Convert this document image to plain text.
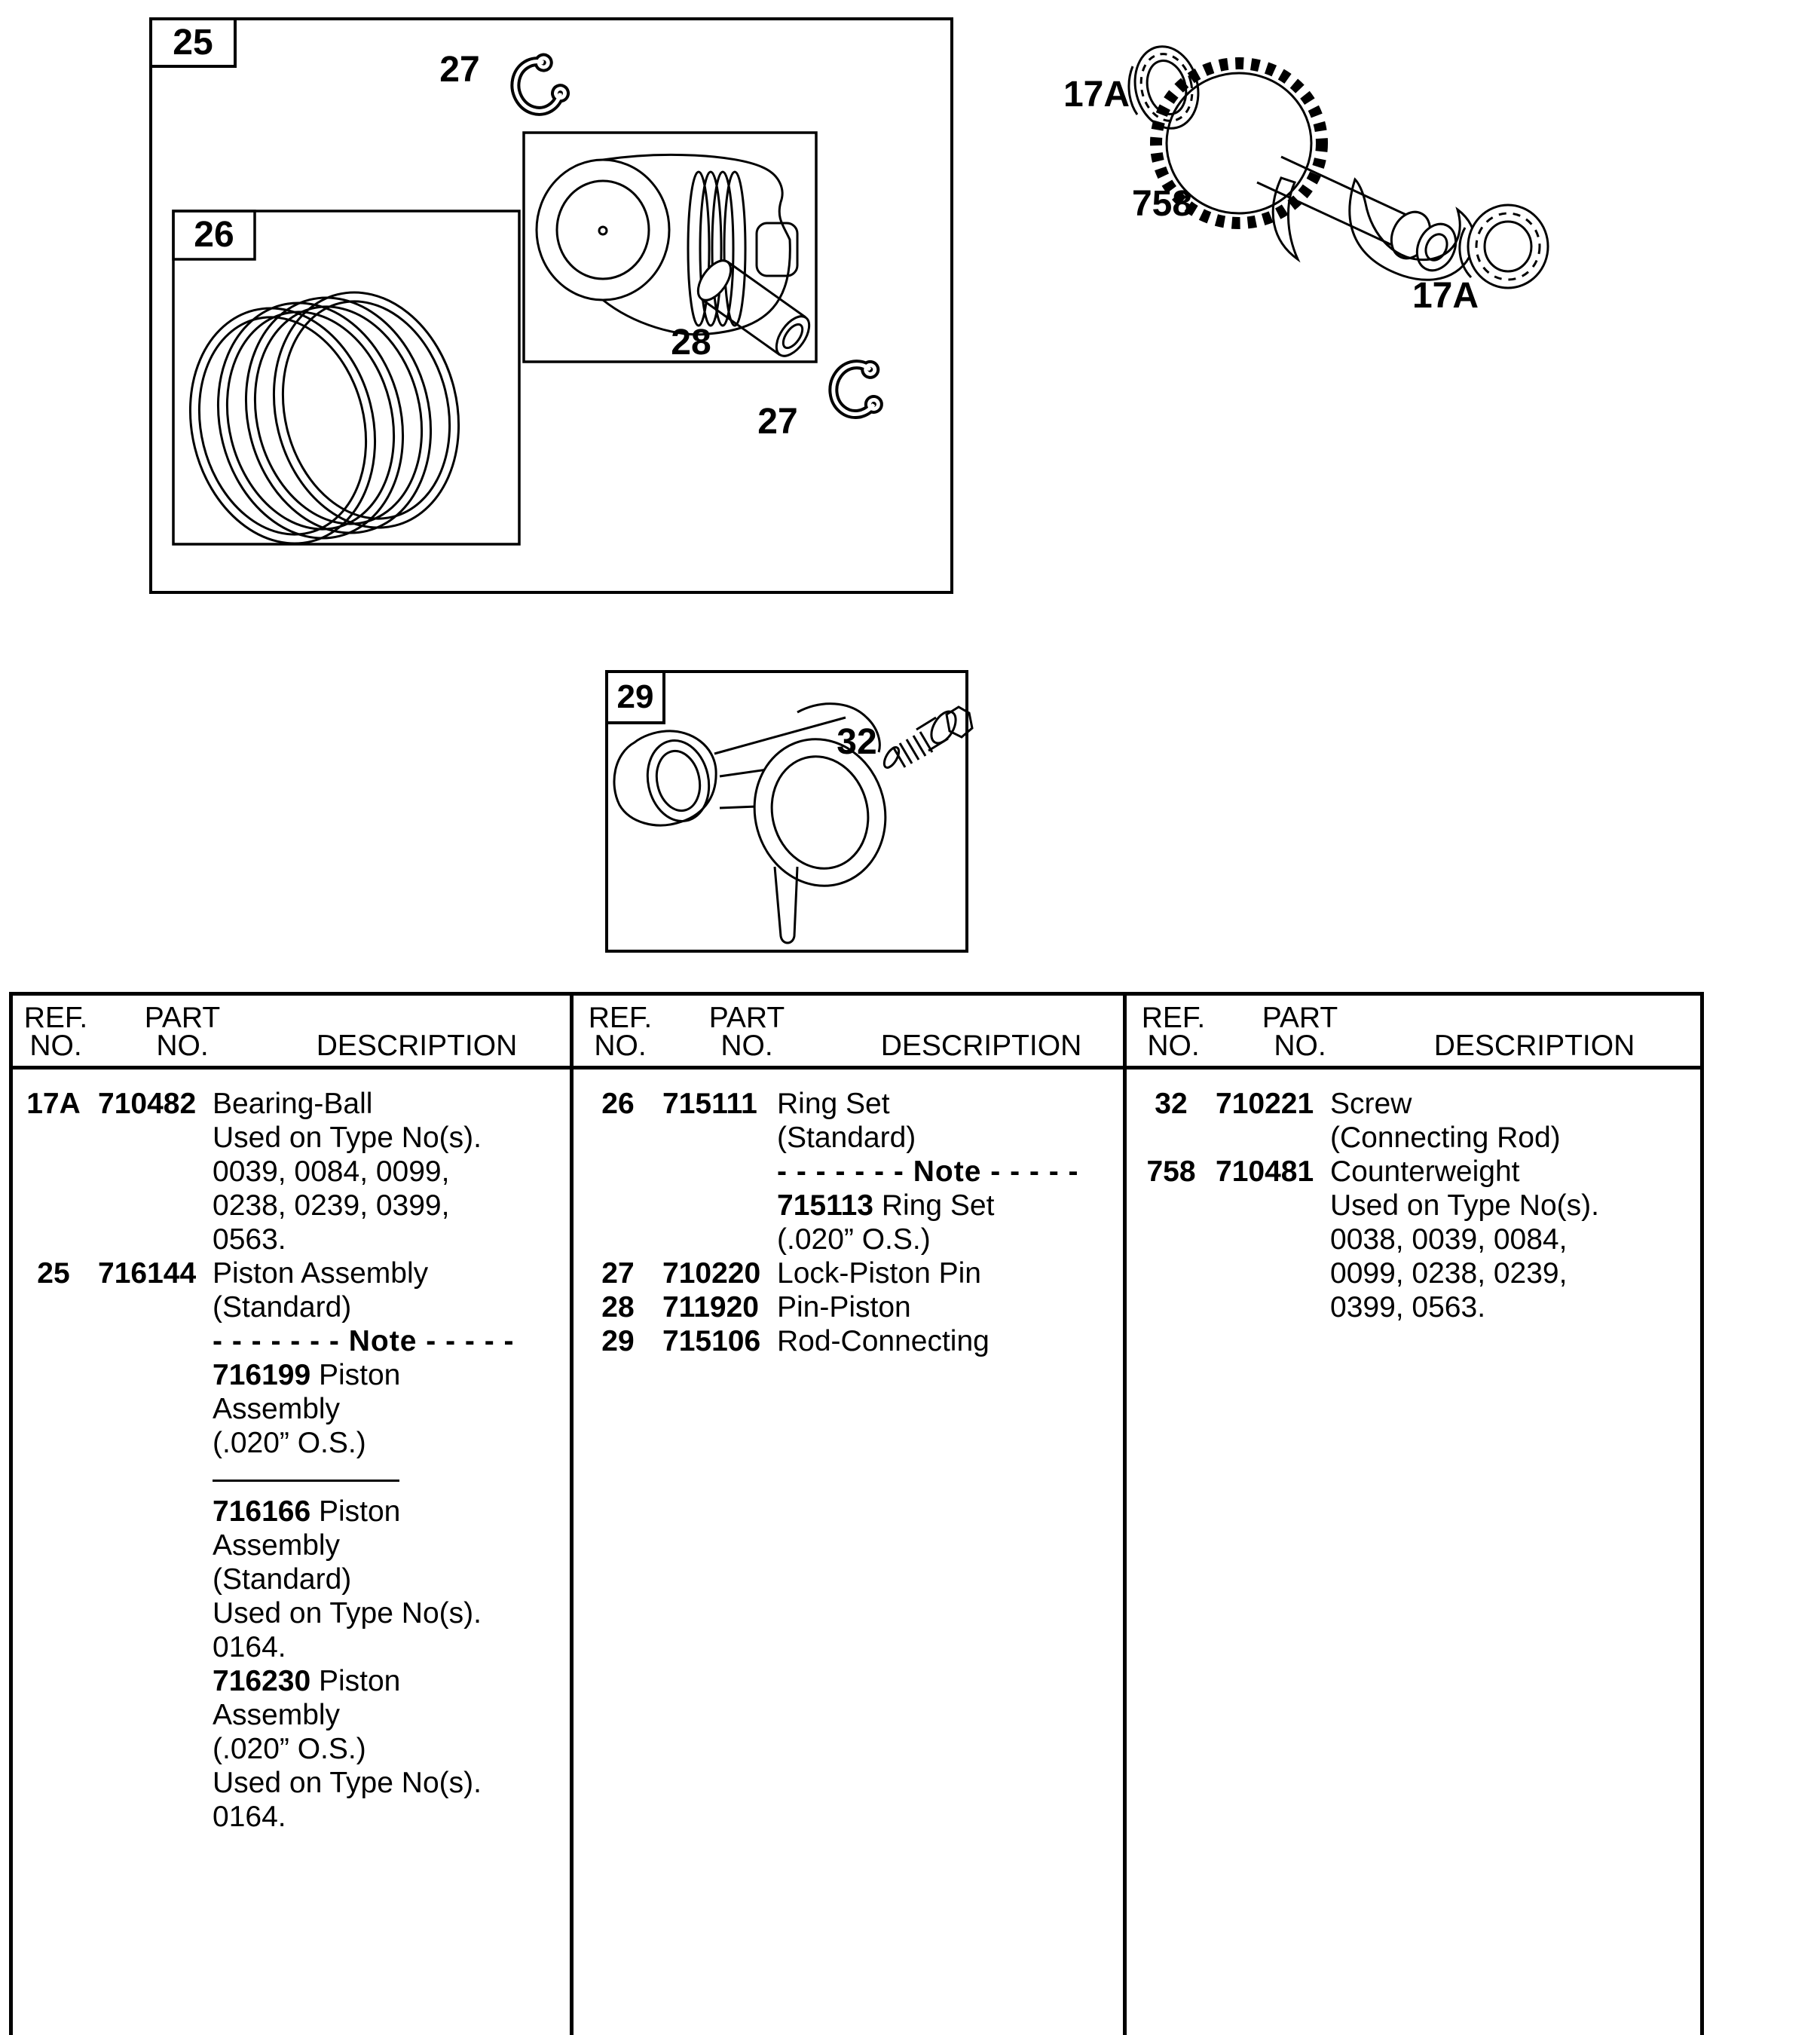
25
26
27
27
28
29
32
17A
758
17A
REF.
NO.
PART
NO.	DESCRIPTION
17A 710482 Bearing-Ball
Used on Type No(s).
0039, 0084, 0099,
0238, 0239, 0399,
0563.
25 716144 Piston Assembly
(Standard)
- - - - - - - Note - - - - -
716199 Piston
Assembly
(.020” O.S.)
716166 Piston
Assembly
(Standard)
Used on Type No(s).
0164.
716230 Piston
Assembly
(.020” O.S.)
Used on Type No(s).
0164.
REF.
NO.
PART
NO.	DESCRIPTION
26 715111 Ring Set
(Standard)
- - - - - - - Note - - - - -
715113 Ring Set
(.020” O.S.)
27 710220 Lock-Piston Pin
28 711920 Pin-Piston
29 715106 Rod-Connecting
REF.
NO.
PART
NO.	DESCRIPTION
32 710221 Screw
(Connecting Rod)
758 710481 Counterweight
Used on Type No(s).
0038, 0039, 0084,
0099, 0238, 0239,
0399, 0563.
